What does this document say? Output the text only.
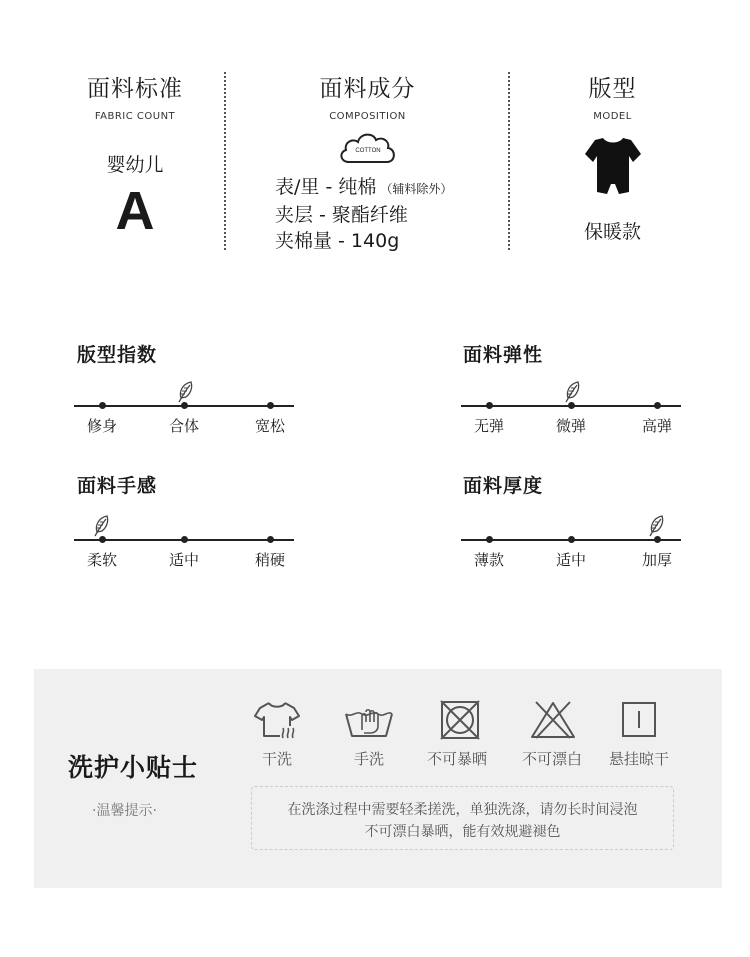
面料标准
FABRIC COUNT
婴幼儿
A
面料成分
COMPOSITION
COTTON
表/里 - 纯棉 （辅料除外）
夹层 - 聚酯纤维
夹棉量 - 140g
版型
MODEL
保暖款
版型指数
修身	合体	宽松
面料弹性
无弹	微弹	高弹
面料手感
柔软	适中	稍硬
面料厚度
薄款	适中	加厚
洗护小贴士
·温馨提示·
干洗	手洗	不可暴晒	不可漂白	悬挂晾干
在洗涤过程中需要轻柔搓洗，单独洗涤，请勿长时间浸泡
不可漂白暴晒，能有效规避褪色
